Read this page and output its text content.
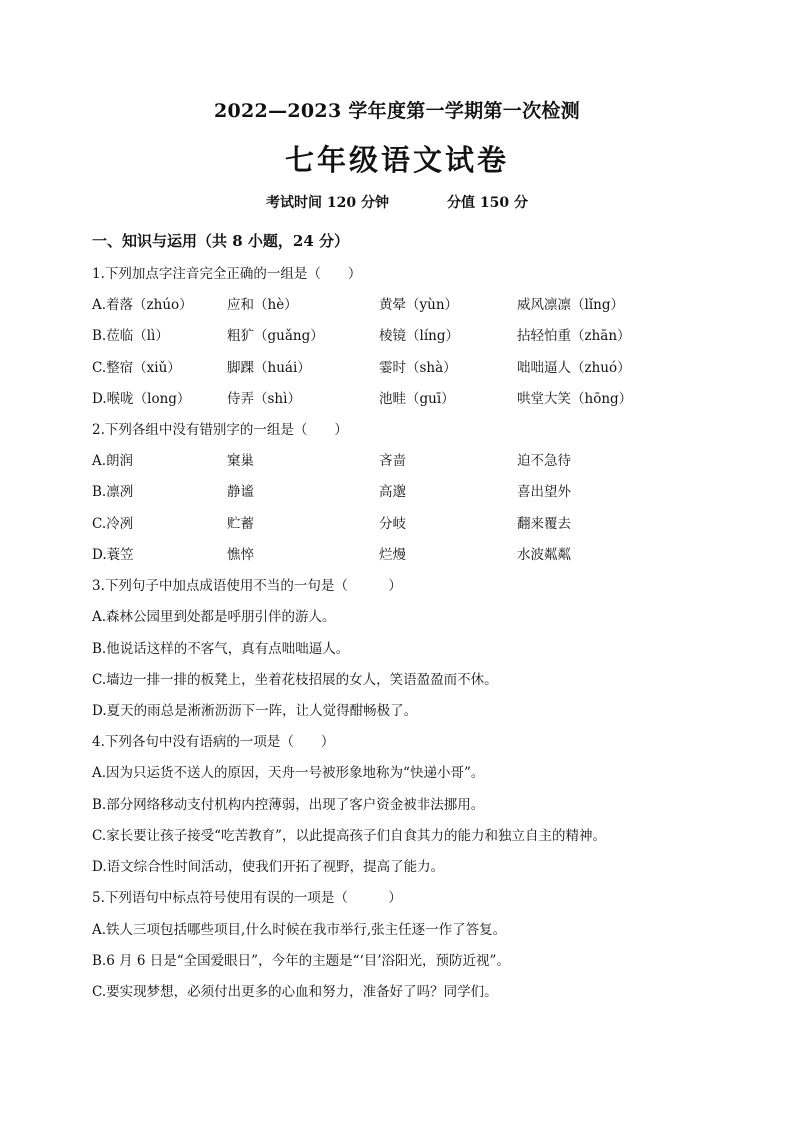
2022—2023 学年度第一学期第一次检测
七年级语文试卷
考试时间 120 分钟	分值 150 分
一、知识与运用（共 8 小题，24 分）
1.下列加点字注音完全正确的一组是（　　）
A.着落（zhúo）	应和（hè）	黄晕（yùn）	威风凛凛（lǐng）
B.莅临（lì）	粗犷（guǎng）	棱镜（líng）	拈轻怕重（zhān）
C.整宿（xiǔ）	脚踝（huái）	霎时（shà）	咄咄逼人（zhuó）
D.喉咙（long）	侍弄（shì）	池畦（guī）	哄堂大笑（hōng）
2.下列各组中没有错别字的一组是（　　）
A.朗润	窠巢	吝啬	迫不急待
B.凛冽	静谧	高邈	喜出望外
C.冷冽	贮蓄	分岐	翻来覆去
D.蓑笠	憔悴	烂熳	水波粼粼
3.下列句子中加点成语使用不当的一句是（　　　）
A.森林公园里到处都是呼朋引伴的游人。
B.他说话这样的不客气，真有点咄咄逼人。
C.墙边一排一排的板凳上，坐着花枝招展的女人，笑语盈盈而不休。
D.夏天的雨总是淅淅沥沥下一阵，让人觉得酣畅极了。
4.下列各句中没有语病的一项是（　　）
A.因为只运货不送人的原因，天舟一号被形象地称为“快递小哥”。
B.部分网络移动支付机构内控薄弱，出现了客户资金被非法挪用。
C.家长要让孩子接受“吃苦教育”，以此提高孩子们自食其力的能力和独立自主的精神。
D.语文综合性时间活动，使我们开拓了视野，提高了能力。
5.下列语句中标点符号使用有误的一项是（　　　）
A.铁人三项包括哪些项目,什么时候在我市举行,张主任逐一作了答复。
B.6 月 6 日是“全国爱眼日”，今年的主题是“‘目’浴阳光，预防近视”。
C.要实现梦想，必须付出更多的心血和努力，准备好了吗？同学们。
